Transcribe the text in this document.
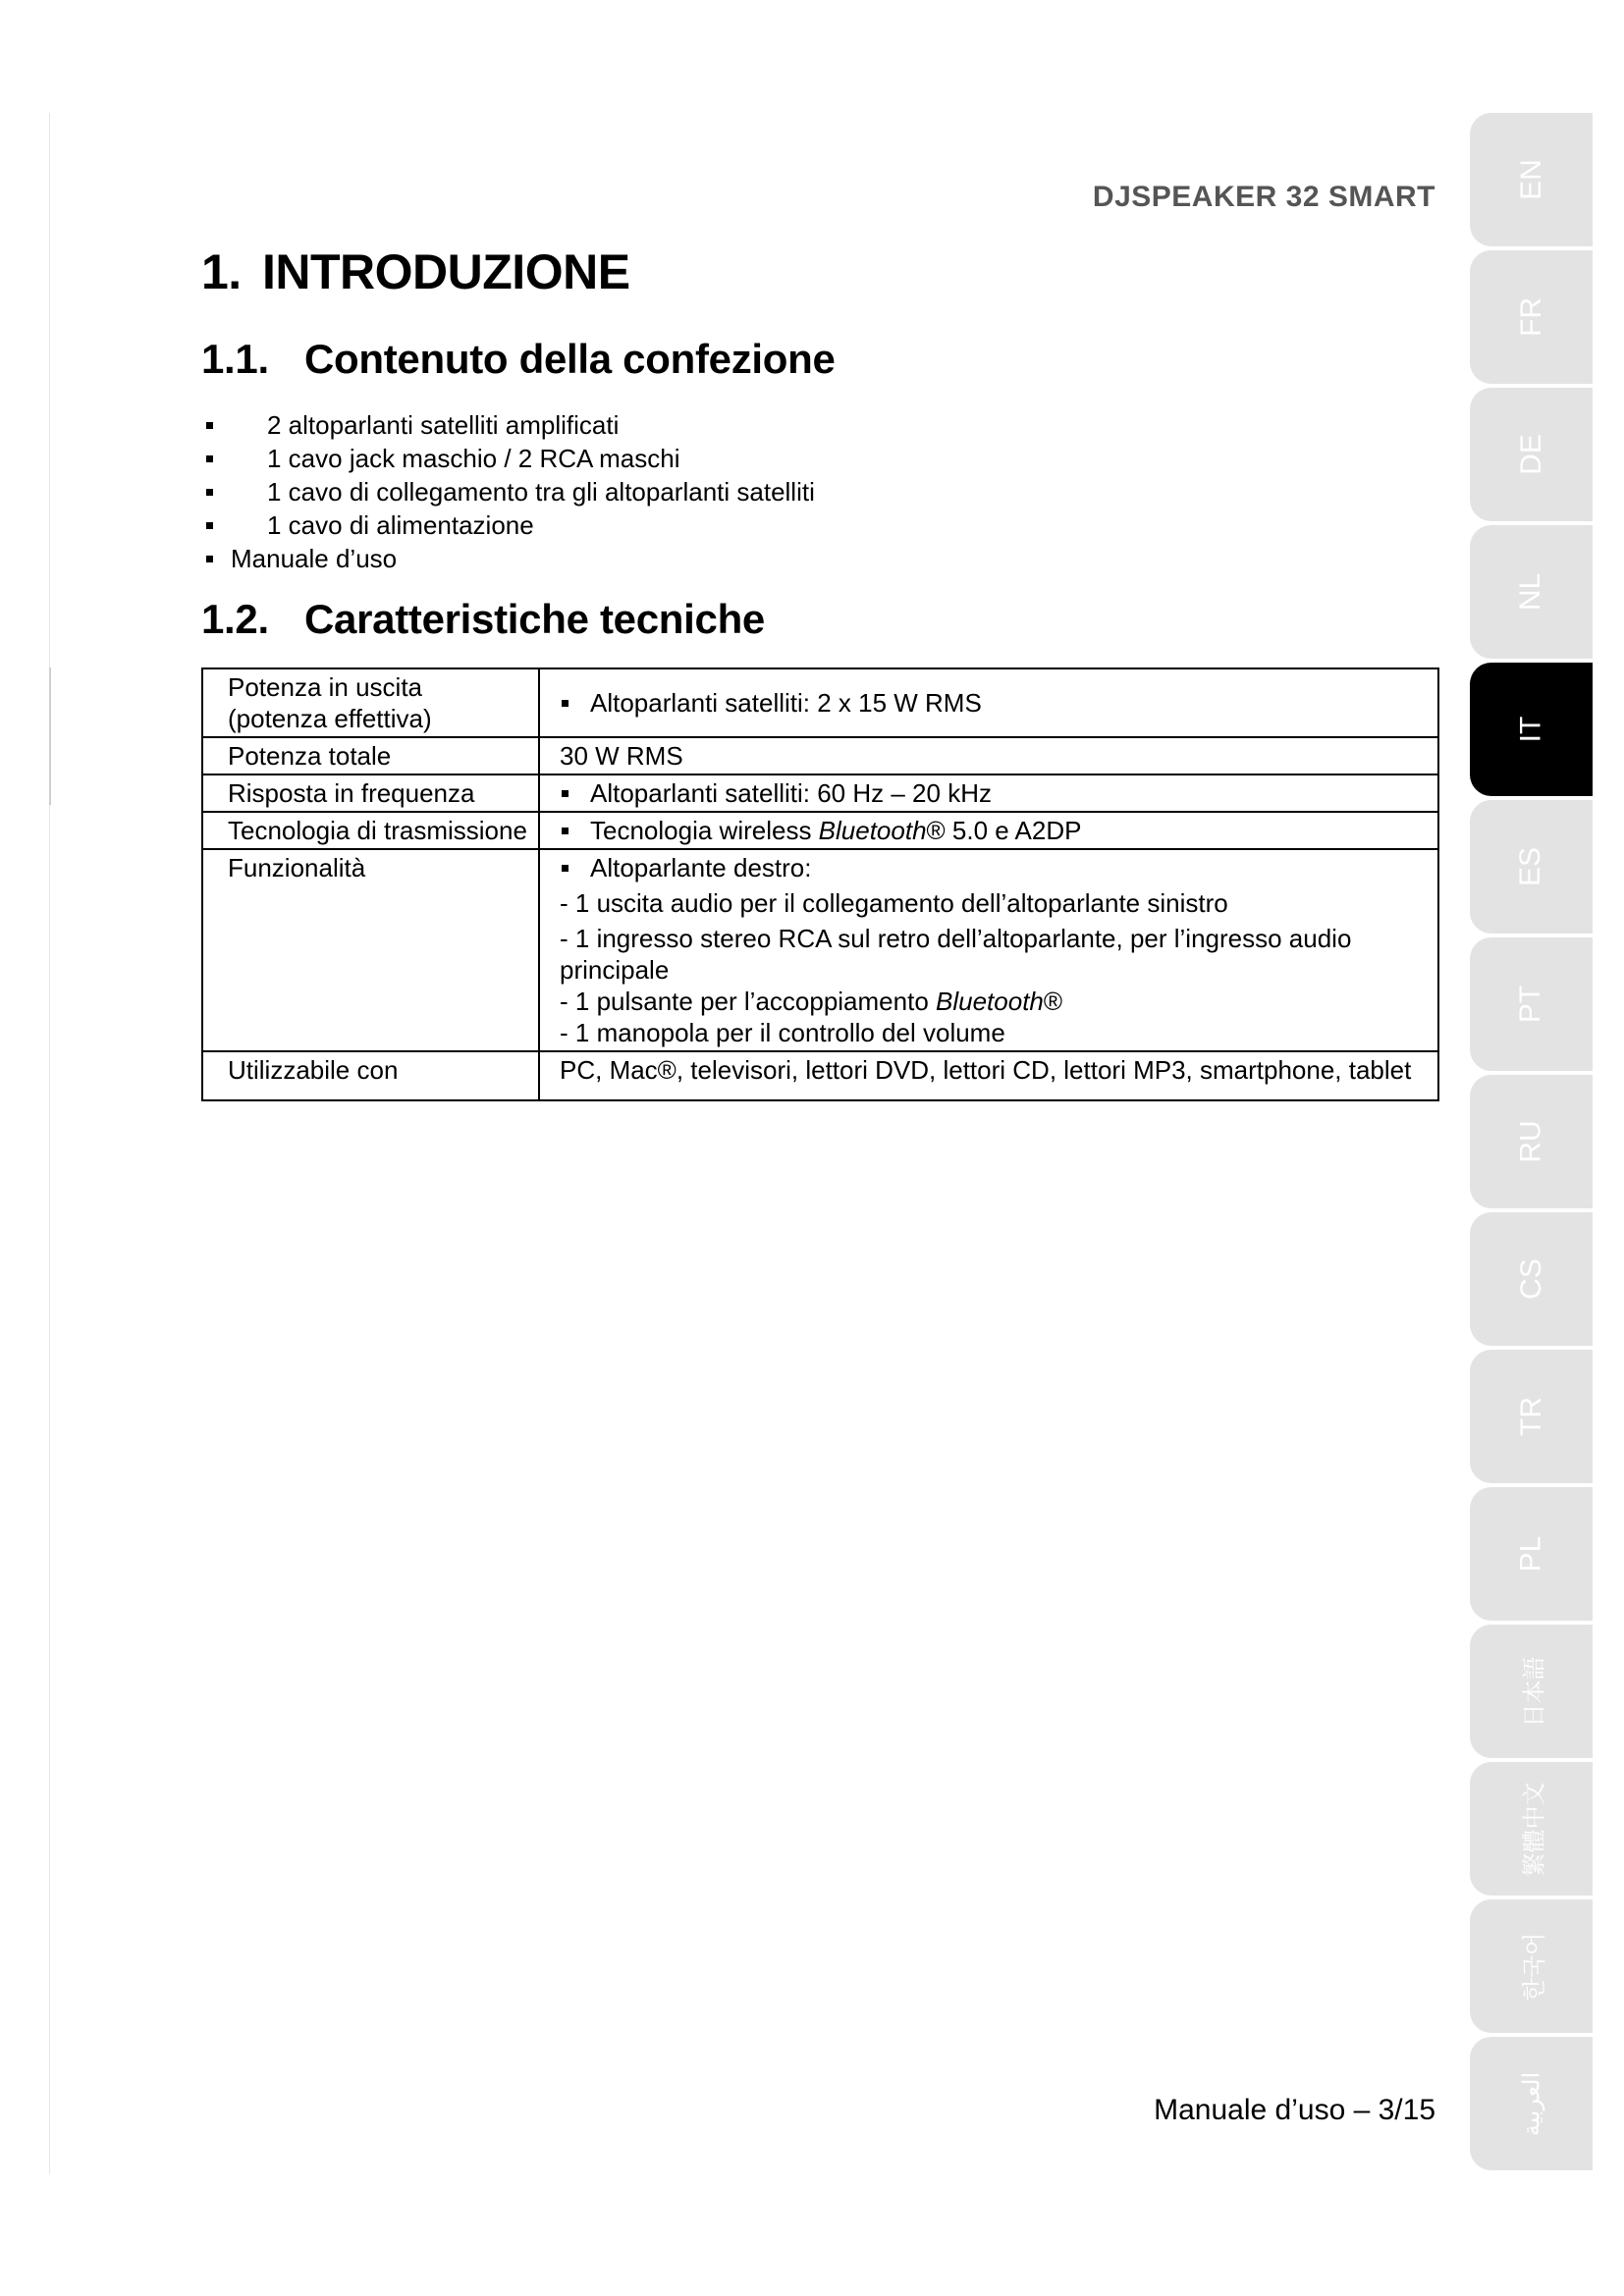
DJSPEAKER 32 SMART
1. INTRODUZIONE
1.1. Contenuto della confezione
2 altoparlanti satelliti amplificati
1 cavo jack maschio / 2 RCA maschi
1 cavo di collegamento tra gli altoparlanti satelliti
1 cavo di alimentazione
Manuale d’uso
1.2. Caratteristiche tecniche
Potenza in uscita
(potenza effettiva)	Altoparlanti satelliti: 2 x 15 W RMS

Potenza totale	30 W RMS
Risposta in frequenza	Altoparlanti satelliti: 60 Hz – 20 kHz

Tecnologia di trasmissione	Tecnologia wireless Bluetooth® 5.0 e A2DP

Funzionalità	Altoparlante destro:
- 1 uscita audio per il collegamento dell’altoparlante sinistro
- 1 ingresso stereo RCA sul retro dell’altoparlante, per l’ingresso audio principale
- 1 pulsante per l’accoppiamento Bluetooth®
- 1 manopola per il controllo del volume

Utilizzabile con	PC, Mac®, televisori, lettori DVD, lettori CD, lettori MP3, smartphone, tablet
Manuale d’uso – 3/15
EN
FR
DE
NL
IT
ES
PT
RU
CS
TR
PL
日本語
繁體中文
한국어
العربية
